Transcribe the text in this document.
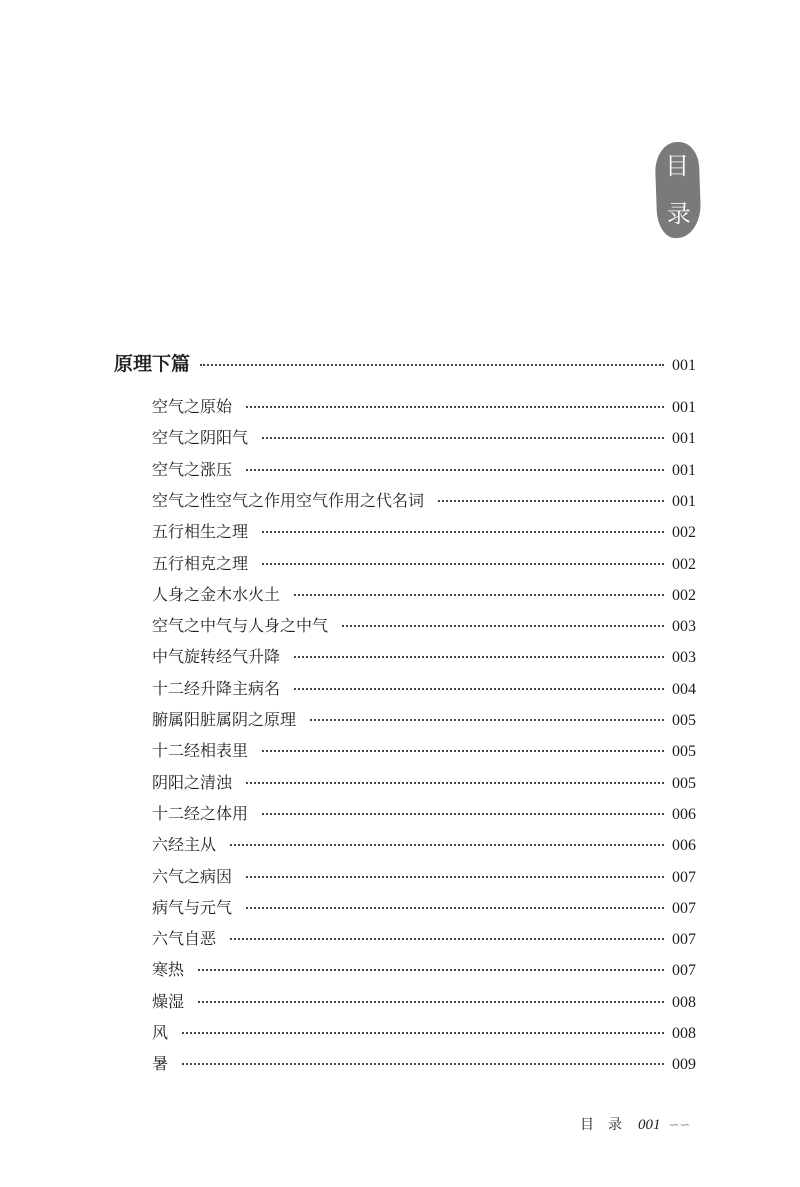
目
录
原理下篇	001
空气之原始	001
空气之阴阳气	001
空气之涨压	001
空气之性空气之作用空气作用之代名词	001
五行相生之理	002
五行相克之理	002
人身之金木水火土	002
空气之中气与人身之中气	003
中气旋转经气升降	003
十二经升降主病名	004
腑属阳脏属阴之原理	005
十二经相表里	005
阴阳之清浊	005
十二经之体用	006
六经主从	006
六气之病因	007
病气与元气	007
六气自恶	007
寒热	007
燥湿	008
风	008
暑	009
目录 001 ∽∽
